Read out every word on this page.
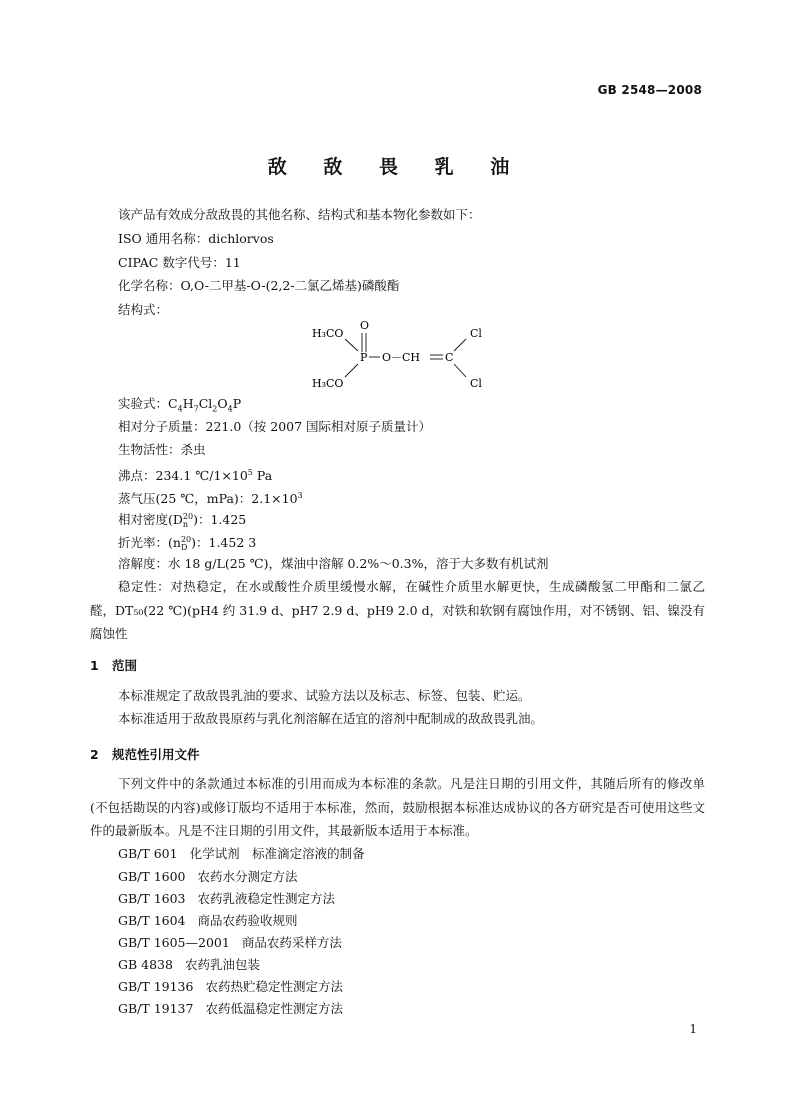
GB 2548—2008
敌 敌 畏 乳 油
该产品有效成分敌敌畏的其他名称、结构式和基本物化参数如下：
ISO 通用名称：dichlorvos
CIPAC 数字代号：11
化学名称：O,O-二甲基-O-(2,2-二氯乙烯基)磷酸酯
结构式：
H₃CO
H₃CO
O
P O－CH C
Cl
Cl
实验式：$C_4H_7Cl_2O_4P$
相对分子质量：221.0（按 2007 国际相对原子质量计）
生物活性：杀虫
沸点：234.1 $℃/1\times 10^5$ Pa
蒸气压(25 ℃，mPa)：$2.1\times 10^3$
相对密度(D20
n )：1.425
折光率：(n20
D )：1.452 3
溶解度：水 18 g/L(25 ℃)，煤油中溶解 0.2%～0.3%，溶于大多数有机试剂
稳定性：对热稳定，在水或酸性介质里缓慢水解，在碱性介质里水解更快，生成磷酸氢二甲酯和二氯乙醛，DT₅₀(22 ℃)(pH4 约 31.9 d、pH7 2.9 d、pH9 2.0 d，对铁和软钢有腐蚀作用，对不锈钢、铝、镍没有腐蚀性
1 范围
本标准规定了敌敌畏乳油的要求、试验方法以及标志、标签、包装、贮运。
本标准适用于敌敌畏原药与乳化剂溶解在适宜的溶剂中配制成的敌敌畏乳油。
2 规范性引用文件
下列文件中的条款通过本标准的引用而成为本标准的条款。凡是注日期的引用文件，其随后所有的修改单(不包括勘误的内容)或修订版均不适用于本标准，然而，鼓励根据本标准达成协议的各方研究是否可使用这些文件的最新版本。凡是不注日期的引用文件，其最新版本适用于本标准。
GB/T 601 化学试剂　标准滴定溶液的制备
GB/T 1600 农药水分测定方法
GB/T 1603 农药乳液稳定性测定方法
GB/T 1604 商品农药验收规则
GB/T 1605—2001 商品农药采样方法
GB 4838 农药乳油包装
GB/T 19136 农药热贮稳定性测定方法
GB/T 19137 农药低温稳定性测定方法
1
